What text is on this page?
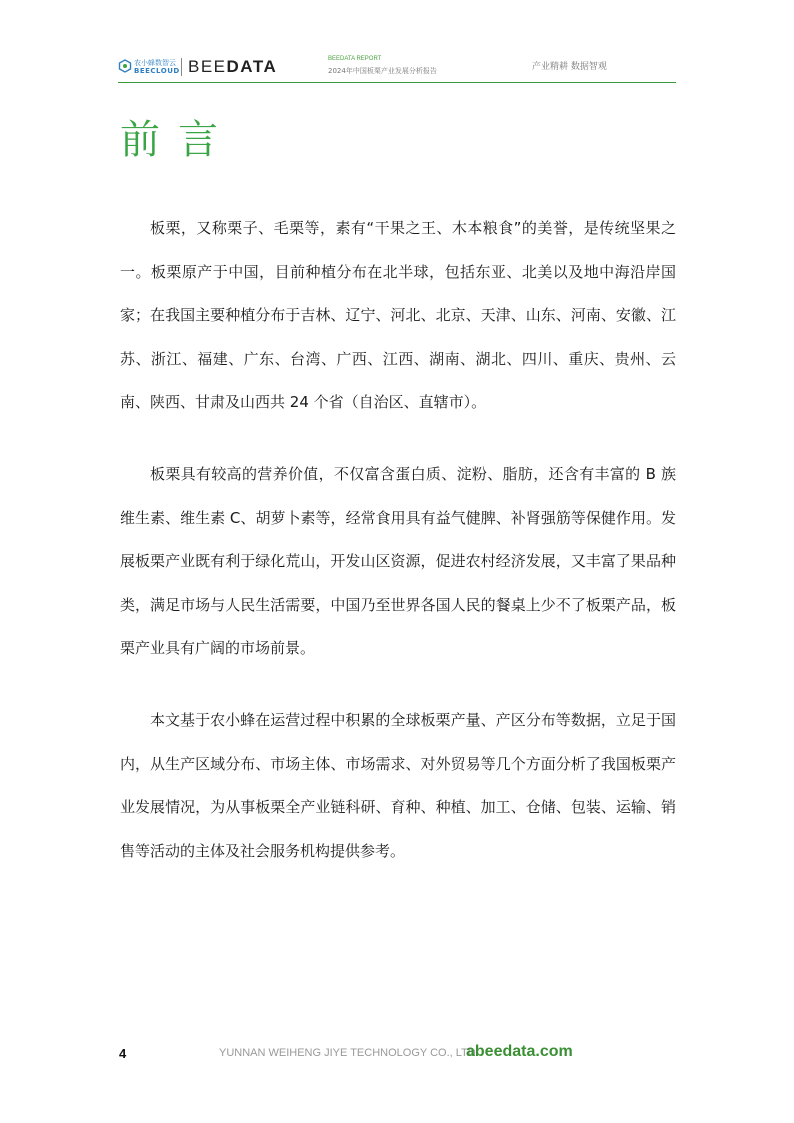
农小蜂数智云
BEECLOUD BEEDATA	BEEDATA REPORT
2024年中国板栗产业发展分析报告	产业精耕 数据智观
前言

板栗，又称栗子、毛栗等，素有“干果之王、木本粮食”的美誉，是传统坚果之一。板栗原产于中国，目前种植分布在北半球，包括东亚、北美以及地中海沿岸国家；在我国主要种植分布于吉林、辽宁、河北、北京、天津、山东、河南、安徽、江苏、浙江、福建、广东、台湾、广西、江西、湖南、湖北、四川、重庆、贵州、云南、陕西、甘肃及山西共 24 个省（自治区、直辖市）。

板栗具有较高的营养价值，不仅富含蛋白质、淀粉、脂肪，还含有丰富的 B 族维生素、维生素 C、胡萝卜素等，经常食用具有益气健脾、补肾强筋等保健作用。发展板栗产业既有利于绿化荒山，开发山区资源，促进农村经济发展，又丰富了果品种类，满足市场与人民生活需要，中国乃至世界各国人民的餐桌上少不了板栗产品，板栗产业具有广阔的市场前景。

本文基于农小蜂在运营过程中积累的全球板栗产量、产区分布等数据，立足于国内，从生产区域分布、市场主体、市场需求、对外贸易等几个方面分析了我国板栗产业发展情况，为从事板栗全产业链科研、育种、种植、加工、仓储、包装、运输、销售等活动的主体及社会服务机构提供参考。

4	YUNNAN WEIHENG JIYE TECHNOLOGY CO., LTD.
abeedata.com
